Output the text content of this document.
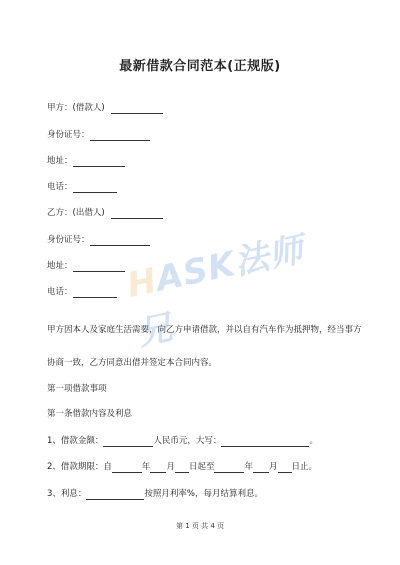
最新借款合同范本(正规版)
甲方：(借款人)
身份证号：
地址：
电话：
乙方：(出借人)
身份证号：
地址：
电话：
甲方因本人及家庭生活需要，向乙方申请借款，并以自有汽车作为抵押物，经当事方
协商一致，乙方同意出借并签定本合同内容。
第一项借款事项
第一条借款内容及利息
1、借款金额：	人民币元，大写：	。
2、借款期限：自	年 月 日起至	年 月 日止。
3、利息：	按照月利率%，每月结算利息。
HASK法师兄
第 1 页 共 4 页
